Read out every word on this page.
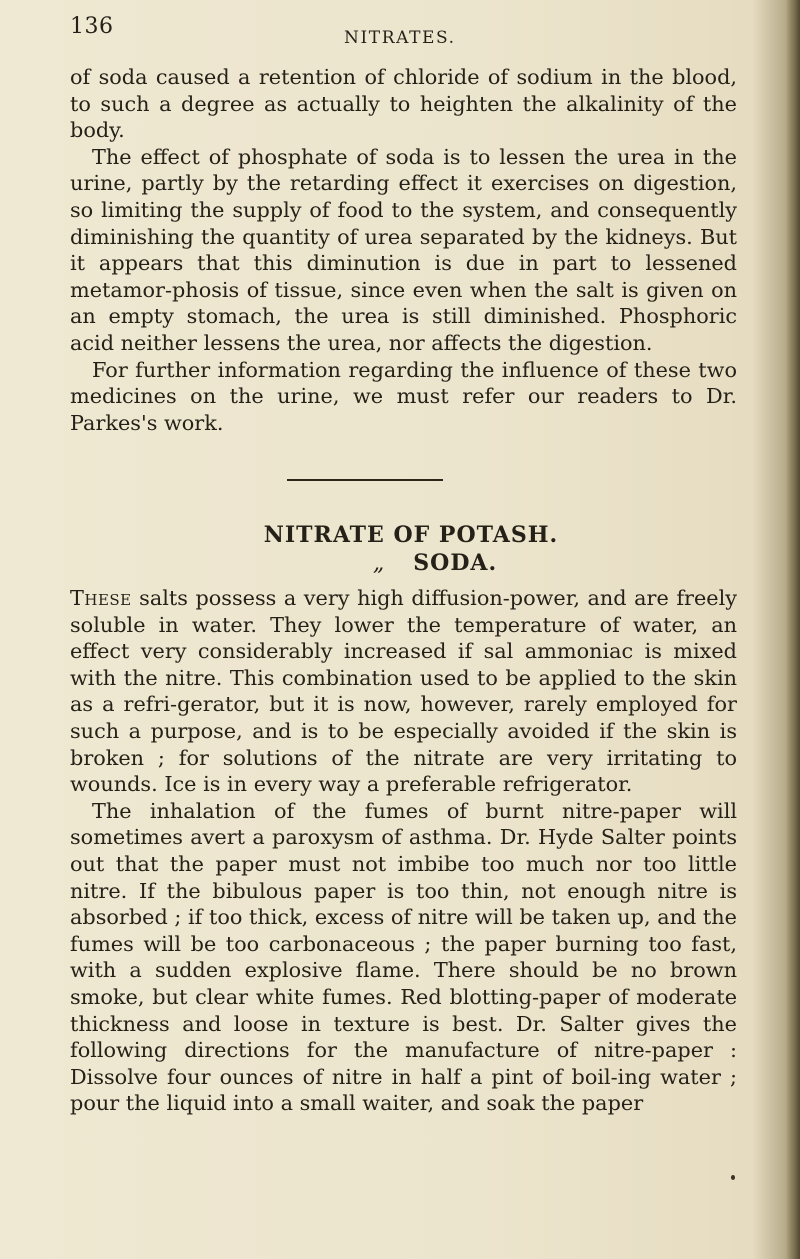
136	NITRATES.

of soda caused a retention of chloride of sodium in the blood, to such a degree as actually to heighten the alkalinity of the body.

The effect of phosphate of soda is to lessen the urea in the urine, partly by the retarding effect it exercises on digestion, so limiting the supply of food to the system, and consequently diminishing the quantity of urea separated by the kidneys. But it appears that this diminution is due in part to lessened metamor-phosis of tissue, since even when the salt is given on an empty stomach, the urea is still diminished. Phosphoric acid neither lessens the urea, nor affects the digestion.

For further information regarding the influence of these two medicines on the urine, we must refer our readers to Dr. Parkes's work.

NITRATE OF POTASH.
„ SODA.

These salts possess a very high diffusion-power, and are freely soluble in water. They lower the temperature of water, an effect very considerably increased if sal ammoniac is mixed with the nitre. This combination used to be applied to the skin as a refri-gerator, but it is now, however, rarely employed for such a purpose, and is to be especially avoided if the skin is broken ; for solutions of the nitrate are very irritating to wounds. Ice is in every way a preferable refrigerator.

The inhalation of the fumes of burnt nitre-paper will sometimes avert a paroxysm of asthma. Dr. Hyde Salter points out that the paper must not imbibe too much nor too little nitre. If the bibulous paper is too thin, not enough nitre is absorbed ; if too thick, excess of nitre will be taken up, and the fumes will be too carbonaceous ; the paper burning too fast, with a sudden explosive flame. There should be no brown smoke, but clear white fumes. Red blotting-paper of moderate thickness and loose in texture is best. Dr. Salter gives the following directions for the manufacture of nitre-paper : Dissolve four ounces of nitre in half a pint of boil-ing water ; pour the liquid into a small waiter, and soak the paper
